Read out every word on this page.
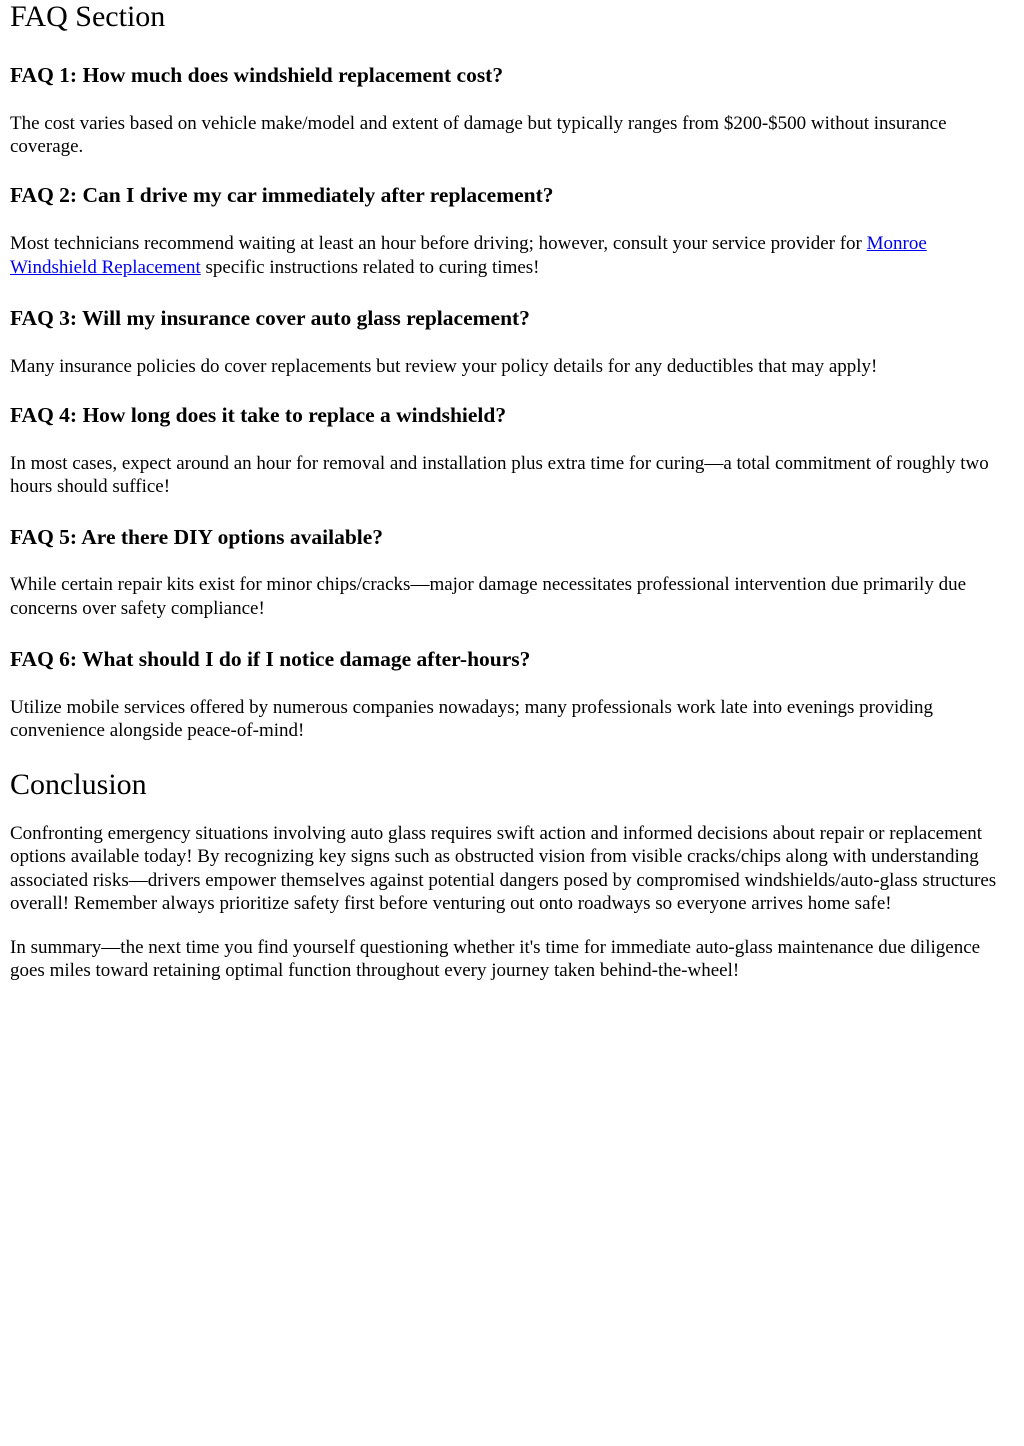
FAQ Section
FAQ 1: How much does windshield replacement cost?

The cost varies based on vehicle make/model and extent of damage but typically ranges from $200-$500 without insurance coverage.

FAQ 2: Can I drive my car immediately after replacement?

Most technicians recommend waiting at least an hour before driving; however, consult your service provider for Monroe Windshield Replacement specific instructions related to curing times!

FAQ 3: Will my insurance cover auto glass replacement?

Many insurance policies do cover replacements but review your policy details for any deductibles that may apply!

FAQ 4: How long does it take to replace a windshield?

In most cases, expect around an hour for removal and installation plus extra time for curing—a total commitment of roughly two hours should suffice!

FAQ 5: Are there DIY options available?

While certain repair kits exist for minor chips/cracks—major damage necessitates professional intervention due primarily due concerns over safety compliance!

FAQ 6: What should I do if I notice damage after-hours?

Utilize mobile services offered by numerous companies nowadays; many professionals work late into evenings providing convenience alongside peace-of-mind!

Conclusion

Confronting emergency situations involving auto glass requires swift action and informed decisions about repair or replacement options available today! By recognizing key signs such as obstructed vision from visible cracks/chips along with understanding associated risks—drivers empower themselves against potential dangers posed by compromised windshields/auto-glass structures overall! Remember always prioritize safety first before venturing out onto roadways so everyone arrives home safe!

In summary—the next time you find yourself questioning whether it's time for immediate auto-glass maintenance due diligence goes miles toward retaining optimal function throughout every journey taken behind-the-wheel!
